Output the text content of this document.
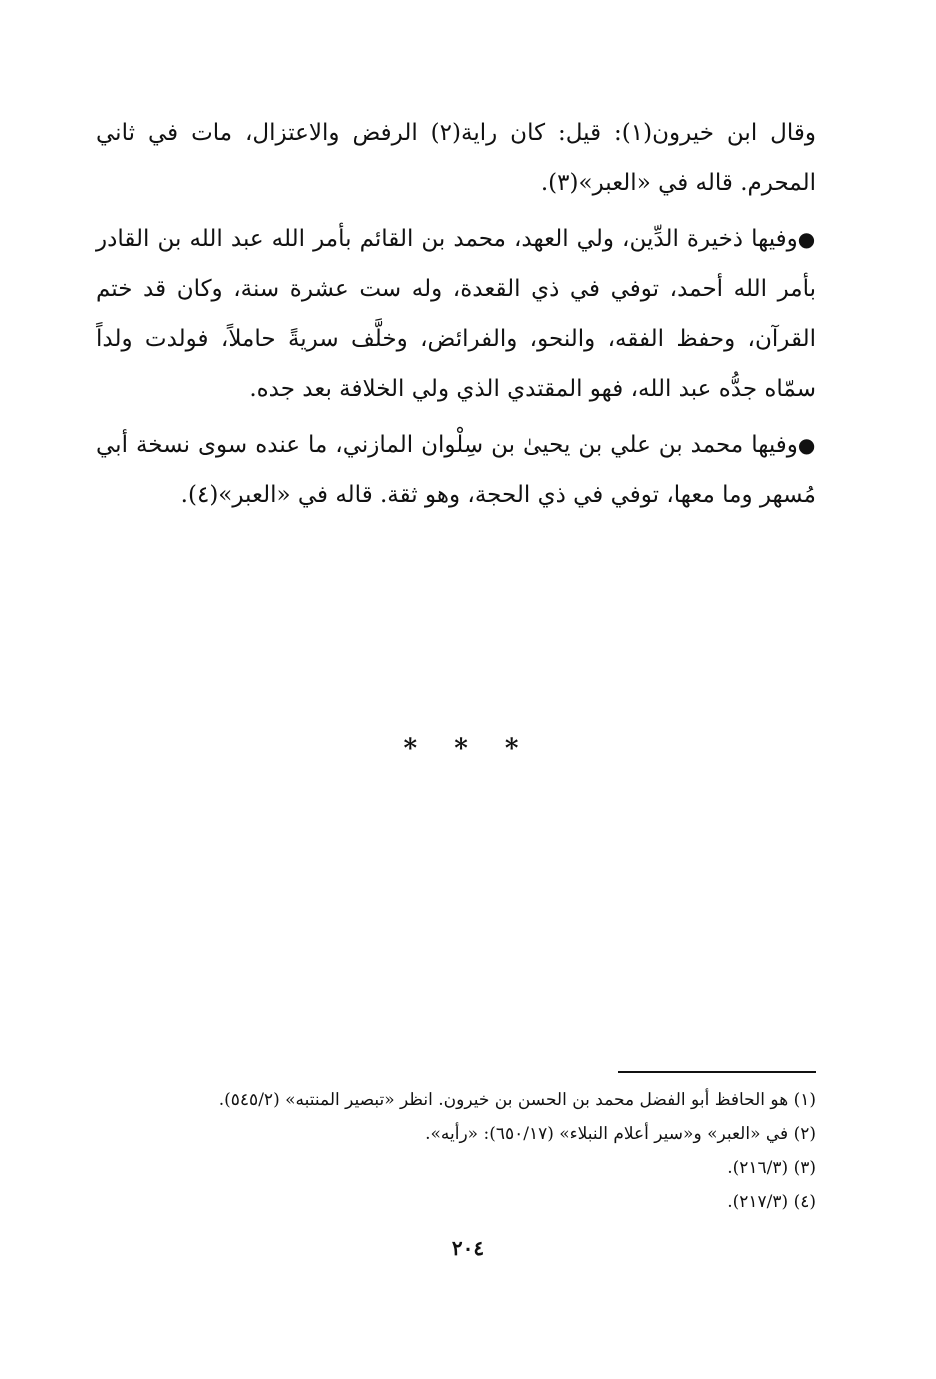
وقال ابن خيرون(١): قيل: كان راية(٢) الرفض والاعتزال، مات في ثاني المحرم. قاله في «العبر»(٣).

●وفيها ذخيرة الدِّين، ولي العهد، محمد بن القائم بأمر الله عبد الله بن القادر بأمر الله أحمد، توفي في ذي القعدة، وله ست عشرة سنة، وكان قد ختم القرآن، وحفظ الفقه، والنحو، والفرائض، وخلَّف سريةً حاملاً، فولدت ولداً سمّاه جدُّه عبد الله، فهو المقتدي الذي ولي الخلافة بعد جده.

●وفيها محمد بن علي بن يحيىٰ بن سِلْوان المازني، ما عنده سوى نسخة أبي مُسهر وما معها، توفي في ذي الحجة، وهو ثقة. قاله في «العبر»(٤).

* * *

(١) هو الحافظ أبو الفضل محمد بن الحسن بن خيرون. انظر «تبصير المنتبه» (٥٤٥/٢).

(٢) في «العبر» و«سير أعلام النبلاء» (٦٥٠/١٧): «رأيه».

(٣) (٢١٦/٣).

(٤) (٢١٧/٣).

٢٠٤
